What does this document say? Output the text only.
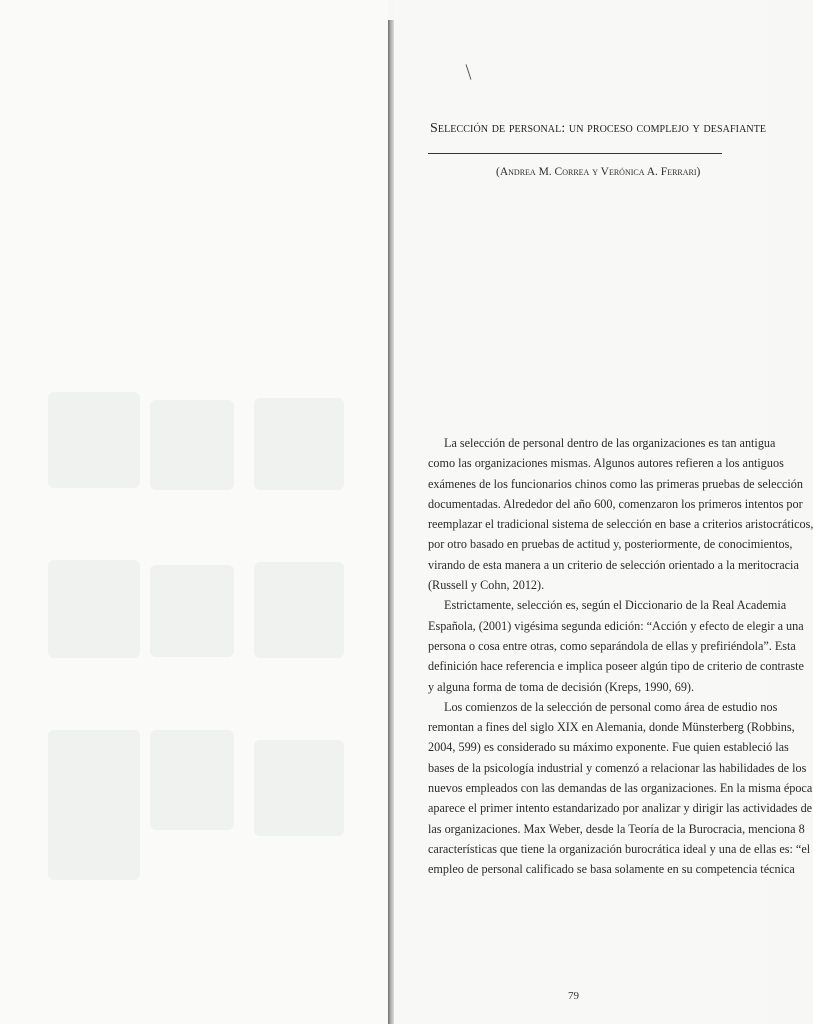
Selección de personal: un proceso complejo y desafiante
(Andrea M. Correa y Verónica A. Ferrari)
La selección de personal dentro de las organizaciones es tan antigua
como las organizaciones mismas. Algunos autores refieren a los antiguos
exámenes de los funcionarios chinos como las primeras pruebas de selección
documentadas. Alrededor del año 600, comenzaron los primeros intentos por
reemplazar el tradicional sistema de selección en base a criterios aristocráticos,
por otro basado en pruebas de actitud y, posteriormente, de conocimientos,
virando de esta manera a un criterio de selección orientado a la meritocracia
(Russell y Cohn, 2012).
Estrictamente, selección es, según el Diccionario de la Real Academia
Española, (2001) vigésima segunda edición: “Acción y efecto de elegir a una
persona o cosa entre otras, como separándola de ellas y prefiriéndola”. Esta
definición hace referencia e implica poseer algún tipo de criterio de contraste
y alguna forma de toma de decisión (Kreps, 1990, 69).
Los comienzos de la selección de personal como área de estudio nos
remontan a fines del siglo XIX en Alemania, donde Münsterberg (Robbins,
2004, 599) es considerado su máximo exponente. Fue quien estableció las
bases de la psicología industrial y comenzó a relacionar las habilidades de los
nuevos empleados con las demandas de las organizaciones. En la misma época
aparece el primer intento estandarizado por analizar y dirigir las actividades de
las organizaciones. Max Weber, desde la Teoría de la Burocracia, menciona 8
características que tiene la organización burocrática ideal y una de ellas es: “el
empleo de personal calificado se basa solamente en su competencia técnica
79
